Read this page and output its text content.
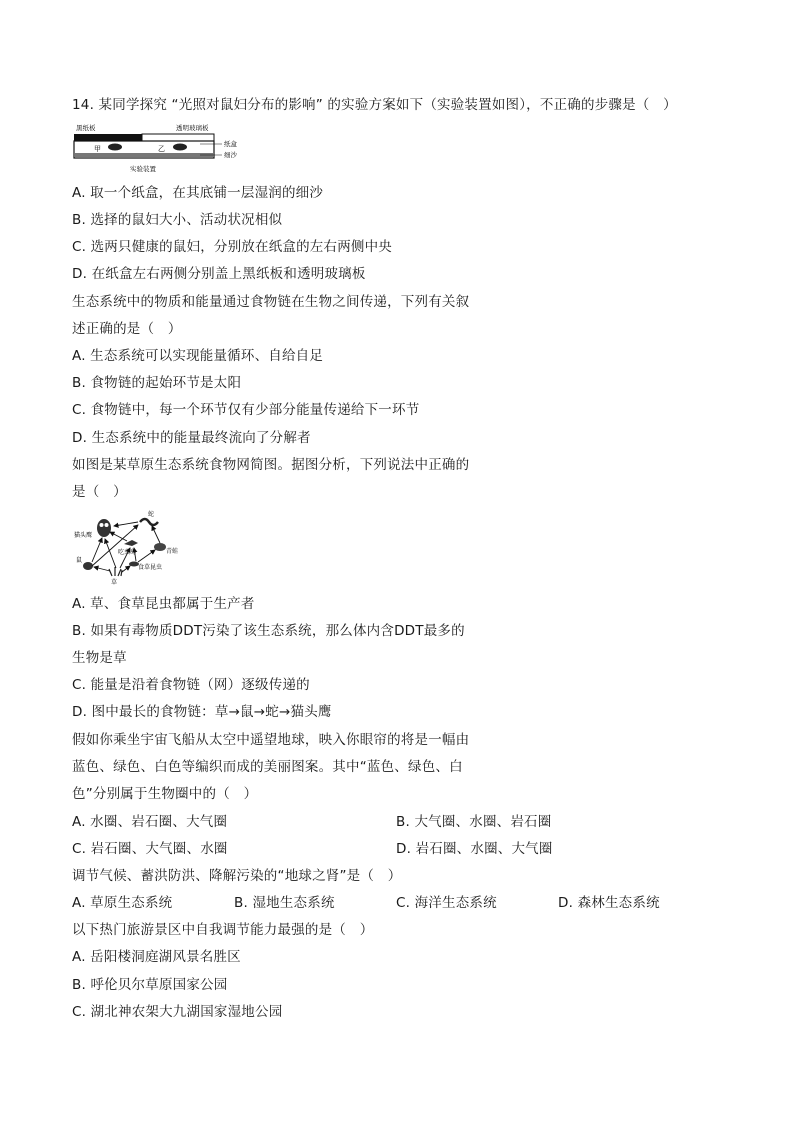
14. 某同学探究 “光照对鼠妇分布的影响” 的实验方案如下（实验装置如图），不正确的步骤是（　）
黑纸板	透明玻璃板
甲	乙
纸盒
细沙
实验装置
A. 取一个纸盒，在其底铺一层湿润的细沙
B. 选择的鼠妇大小、活动状况相似
C. 选两只健康的鼠妇，分别放在纸盒的左右两侧中央
D. 在纸盒左右两侧分别盖上黑纸板和透明玻璃板
生态系统中的物质和能量通过食物链在生物之间传递，下列有关叙
述正确的是（　）
A. 生态系统可以实现能量循环、自给自足
B. 食物链的起始环节是太阳
C. 食物链中，每一个环节仅有少部分能量传递给下一环节
D. 生态系统中的能量最终流向了分解者
如图是某草原生态系统食物网简图。据图分析，下列说法中正确的
是（　）
猫头鹰
蛇
青蛙
吃虫鸟
鼠
食草昆虫
草
A. 草、食草昆虫都属于生产者
B. 如果有毒物质DDT污染了该生态系统，那么体内含DDT最多的
生物是草
C. 能量是沿着食物链（网）逐级传递的
D. 图中最长的食物链：草→鼠→蛇→猫头鹰
假如你乘坐宇宙飞船从太空中遥望地球，映入你眼帘的将是一幅由
蓝色、绿色、白色等编织而成的美丽图案。其中“蓝色、绿色、白
色”分别属于生物圈中的（　）
A. 水圈、岩石圈、大气圈	B. 大气圈、水圈、岩石圈
C. 岩石圈、大气圈、水圈	D. 岩石圈、水圈、大气圈
调节气候、蓄洪防洪、降解污染的“地球之肾”是（　）
A. 草原生态系统	B. 湿地生态系统	C. 海洋生态系统	D. 森林生态系统
以下热门旅游景区中自我调节能力最强的是（　）
A. 岳阳楼洞庭湖风景名胜区
B. 呼伦贝尔草原国家公园
C. 湖北神农架大九湖国家湿地公园
